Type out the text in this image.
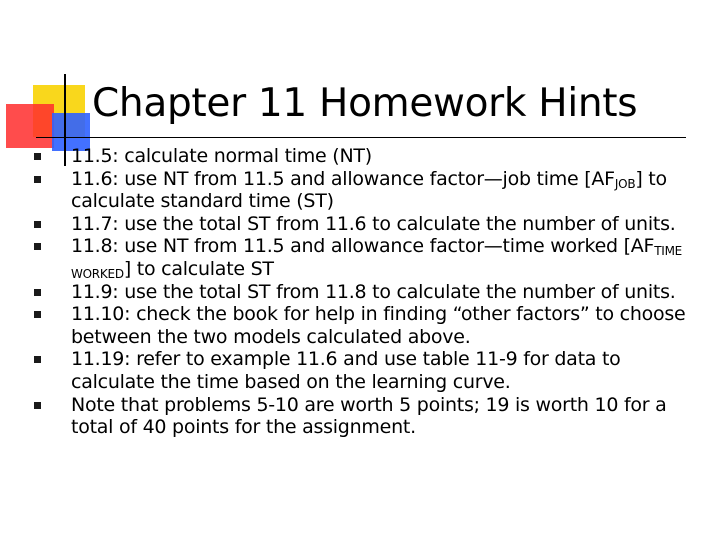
Chapter 11 Homework Hints
11.5: calculate normal time (NT)
11.6: use NT from 11.5 and allowance factor—job time $[AF_{JOB}]$ to calculate standard time (ST)
11.7: use the total ST from 11.6 to calculate the number of units.
11.8: use NT from 11.5 and allowance factor—time worked $[AF_{TIME WORKED}]$ to calculate ST
11.9: use the total ST from 11.8 to calculate the number of units.
11.10: check the book for help in finding “other factors” to choose between the two models calculated above.
11.19: refer to example 11.6 and use table 11-9 for data to calculate the time based on the learning curve.
Note that problems 5-10 are worth 5 points; 19 is worth 10 for a total of 40 points for the assignment.
